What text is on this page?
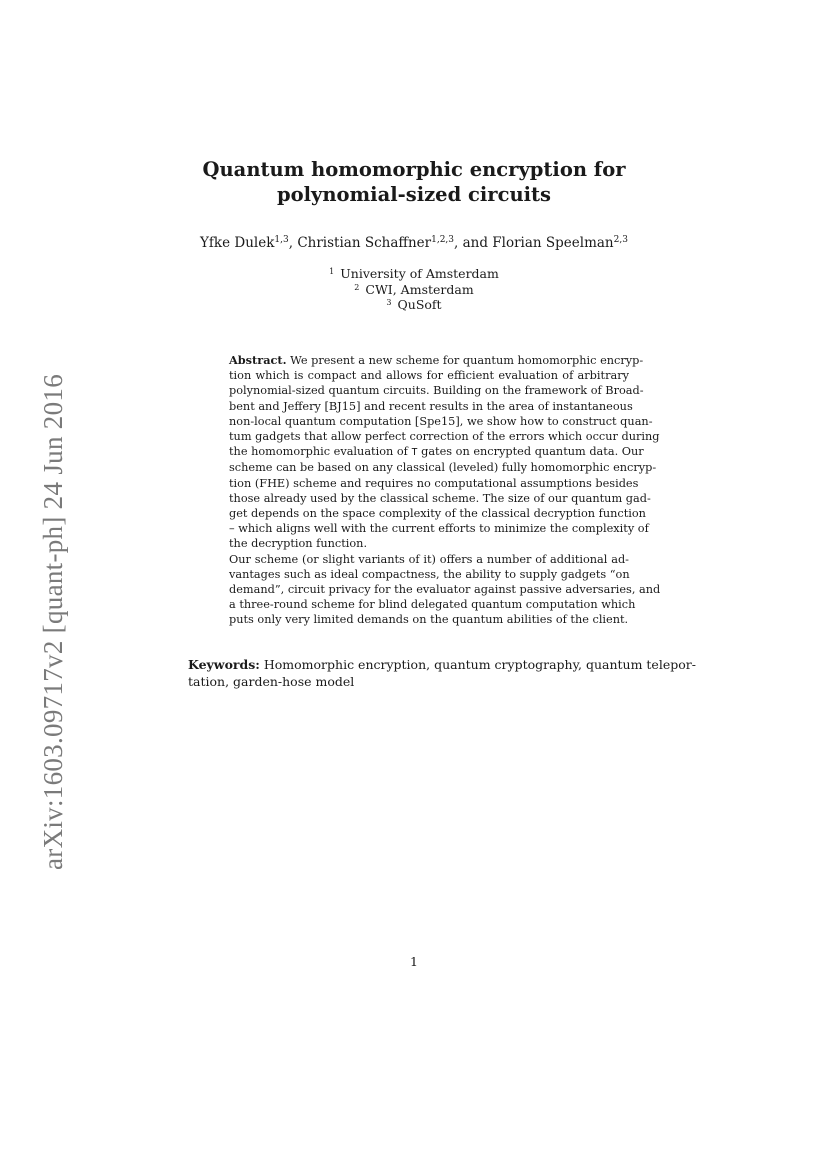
arXiv:1603.09717v2 [quant-ph] 24 Jun 2016
Quantum homomorphic encryption for
polynomial-sized circuits
Yfke Dulek$^{1,3}$, Christian Schaffner$^{1,2,3}$, and Florian Speelman$^{2,3}$
$^1$ University of Amsterdam
$^2$ CWI, Amsterdam
$^3$ QuSoft
Abstract. We present a new scheme for quantum homomorphic encryp-
tion which is compact and allows for efficient evaluation of arbitrary
polynomial-sized quantum circuits. Building on the framework of Broad-
bent and Jeffery [BJ15] and recent results in the area of instantaneous
non-local quantum computation [Spe15], we show how to construct quan-
tum gadgets that allow perfect correction of the errors which occur during
the homomorphic evaluation of T gates on encrypted quantum data. Our
scheme can be based on any classical (leveled) fully homomorphic encryp-
tion (FHE) scheme and requires no computational assumptions besides
those already used by the classical scheme. The size of our quantum gad-
get depends on the space complexity of the classical decryption function
– which aligns well with the current efforts to minimize the complexity of
the decryption function.
Our scheme (or slight variants of it) offers a number of additional ad-
vantages such as ideal compactness, the ability to supply gadgets “on
demand”, circuit privacy for the evaluator against passive adversaries, and
a three-round scheme for blind delegated quantum computation which
puts only very limited demands on the quantum abilities of the client.
Keywords: Homomorphic encryption, quantum cryptography, quantum telepor-
tation, garden-hose model
1
